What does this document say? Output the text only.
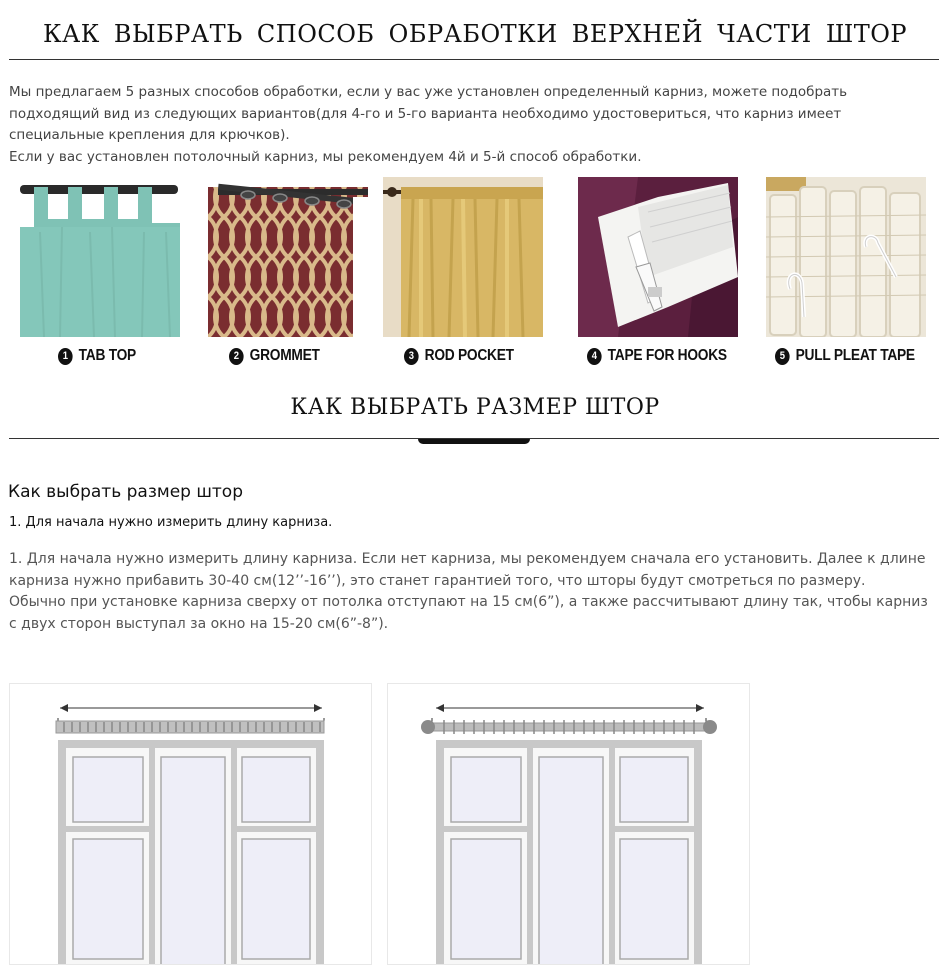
КАК ВЫБРАТЬ СПОСОБ ОБРАБОТКИ ВЕРХНЕЙ ЧАСТИ ШТОР

Мы предлагаем 5 разных способов обработки, если у вас уже установлен определенный карниз, можете подобрать подходящий вид из следующих вариантов(для 4-го и 5-го варианта необходимо удостовериться, что карниз имеет специальные крепления для крючков).

Если у вас установлен потолочный карниз, мы рекомендуем 4й и 5-й способ обработки.

1 TAB TOP	2 GROMMET	3 ROD POCKET	4 TAPE FOR HOOKS	5 PULL PLEAT TAPE
КАК ВЫБРАТЬ РАЗМЕР ШТОР
Как выбрать размер штор

1. Для начала нужно измерить длину карниза.

1. Для начала нужно измерить длину карниза. Если нет карниза, мы рекомендуем сначала его установить. Далее к длине карниза нужно прибавить 30-40 см(12’’-16’’), это станет гарантией того, что шторы будут смотреться по размеру.

Обычно при установке карниза сверху от потолка отступают на 15 см(6”), а также рассчитывают длину так, чтобы карниз с двух сторон выступал за окно на 15-20 см(6”-8”).
